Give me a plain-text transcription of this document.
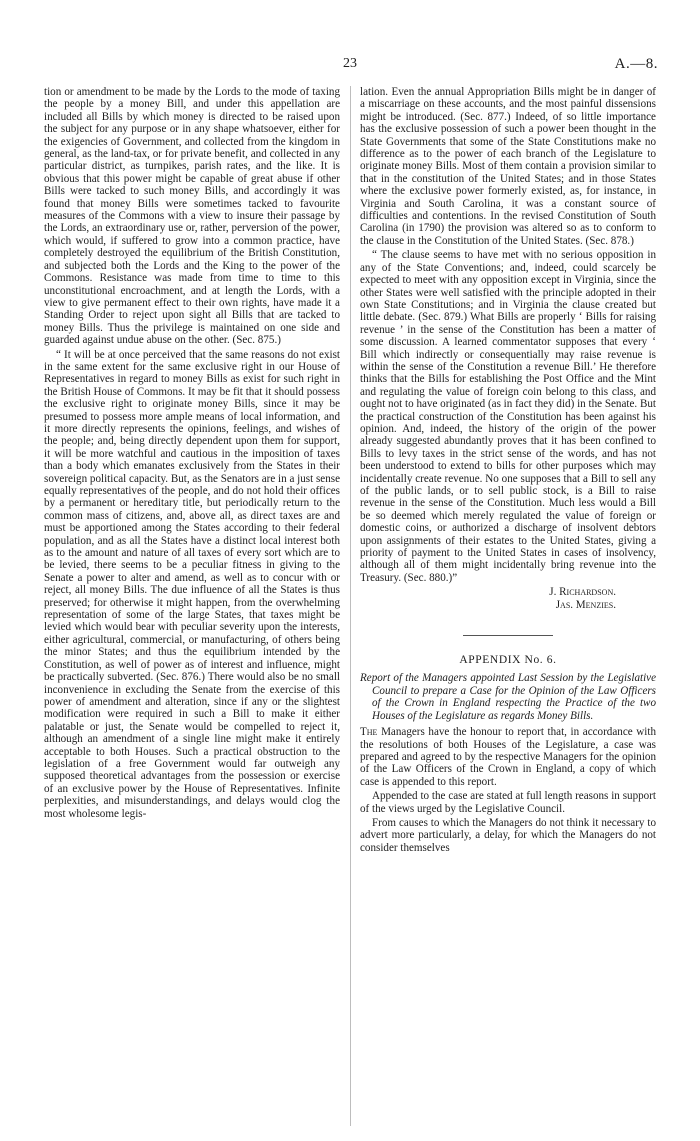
23	A.—8.

tion or amendment to be made by the Lords to the mode of taxing the people by a money Bill, and under this appellation are included all Bills by which money is directed to be raised upon the subject for any purpose or in any shape whatsoever, either for the exigencies of Government, and collected from the kingdom in general, as the land-tax, or for private benefit, and collected in any particular district, as turnpikes, parish rates, and the like. It is obvious that this power might be capable of great abuse if other Bills were tacked to such money Bills, and accordingly it was found that money Bills were sometimes tacked to favourite measures of the Commons with a view to insure their passage by the Lords, an extraordinary use or, rather, perversion of the power, which would, if suffered to grow into a common practice, have completely destroyed the equilibrium of the British Constitution, and subjected both the Lords and the King to the power of the Commons. Resistance was made from time to time to this unconstitutional encroachment, and at length the Lords, with a view to give permanent effect to their own rights, have made it a Standing Order to reject upon sight all Bills that are tacked to money Bills. Thus the privilege is maintained on one side and guarded against undue abuse on the other. (Sec. 875.)

“ It will be at once perceived that the same reasons do not exist in the same extent for the same exclusive right in our House of Representatives in regard to money Bills as exist for such right in the British House of Commons. It may be fit that it should possess the exclusive right to originate money Bills, since it may be presumed to possess more ample means of local information, and it more directly represents the opinions, feelings, and wishes of the people; and, being directly dependent upon them for support, it will be more watchful and cautious in the imposition of taxes than a body which emanates exclusively from the States in their sovereign political capacity. But, as the Senators are in a just sense equally representatives of the people, and do not hold their offices by a permanent or hereditary title, but periodically return to the common mass of citizens, and, above all, as direct taxes are and must be apportioned among the States according to their federal population, and as all the States have a distinct local interest both as to the amount and nature of all taxes of every sort which are to be levied, there seems to be a peculiar fitness in giving to the Senate a power to alter and amend, as well as to concur with or reject, all money Bills. The due influence of all the States is thus preserved; for otherwise it might happen, from the overwhelming representation of some of the large States, that taxes might be levied which would bear with peculiar severity upon the interests, either agricultural, commercial, or manufacturing, of others being the minor States; and thus the equilibrium intended by the Constitution, as well of power as of interest and influence, might be practically subverted. (Sec. 876.) There would also be no small inconvenience in excluding the Senate from the exercise of this power of amendment and alteration, since if any or the slightest modification were required in such a Bill to make it either palatable or just, the Senate would be compelled to reject it, although an amendment of a single line might make it entirely acceptable to both Houses. Such a practical obstruction to the legislation of a free Government would far outweigh any supposed theoretical advantages from the possession or exercise of an exclusive power by the House of Representatives. Infinite perplexities, and misunderstandings, and delays would clog the most wholesome legis-

lation. Even the annual Appropriation Bills might be in danger of a miscarriage on these accounts, and the most painful dissensions might be introduced. (Sec. 877.) Indeed, of so little importance has the exclusive possession of such a power been thought in the State Governments that some of the State Constitutions make no difference as to the power of each branch of the Legislature to originate money Bills. Most of them contain a provision similar to that in the constitution of the United States; and in those States where the exclusive power formerly existed, as, for instance, in Virginia and South Carolina, it was a constant source of difficulties and contentions. In the revised Constitution of South Carolina (in 1790) the provision was altered so as to conform to the clause in the Constitution of the United States. (Sec. 878.)

“ The clause seems to have met with no serious opposition in any of the State Conventions; and, indeed, could scarcely be expected to meet with any opposition except in Virginia, since the other States were well satisfied with the principle adopted in their own State Constitutions; and in Virginia the clause created but little debate. (Sec. 879.) What Bills are properly ‘ Bills for raising revenue ’ in the sense of the Constitution has been a matter of some discussion. A learned commentator supposes that every ‘ Bill which indirectly or consequentially may raise revenue is within the sense of the Constitution a revenue Bill.’ He therefore thinks that the Bills for establishing the Post Office and the Mint and regulating the value of foreign coin belong to this class, and ought not to have originated (as in fact they did) in the Senate. But the practical construction of the Constitution has been against his opinion. And, indeed, the history of the origin of the power already suggested abundantly proves that it has been confined to Bills to levy taxes in the strict sense of the words, and has not been understood to extend to bills for other purposes which may incidentally create revenue. No one supposes that a Bill to sell any of the public lands, or to sell public stock, is a Bill to raise revenue in the sense of the Constitution. Much less would a Bill be so deemed which merely regulated the value of foreign or domestic coins, or authorized a discharge of insolvent debtors upon assignments of their estates to the United States, giving a priority of payment to the United States in cases of insolvency, although all of them might incidentally bring revenue into the Treasury. (Sec. 880.)”

J. Richardson.

Jas. Menzies.

APPENDIX No. 6.

Report of the Managers appointed Last Session by the Legislative Council to prepare a Case for the Opinion of the Law Officers of the Crown in England respecting the Practice of the two Houses of the Legislature as regards Money Bills.

The Managers have the honour to report that, in accordance with the resolutions of both Houses of the Legislature, a case was prepared and agreed to by the respective Managers for the opinion of the Law Officers of the Crown in England, a copy of which case is appended to this report.

Appended to the case are stated at full length reasons in support of the views urged by the Legislative Council.

From causes to which the Managers do not think it necessary to advert more particularly, a delay, for which the Managers do not consider themselves
